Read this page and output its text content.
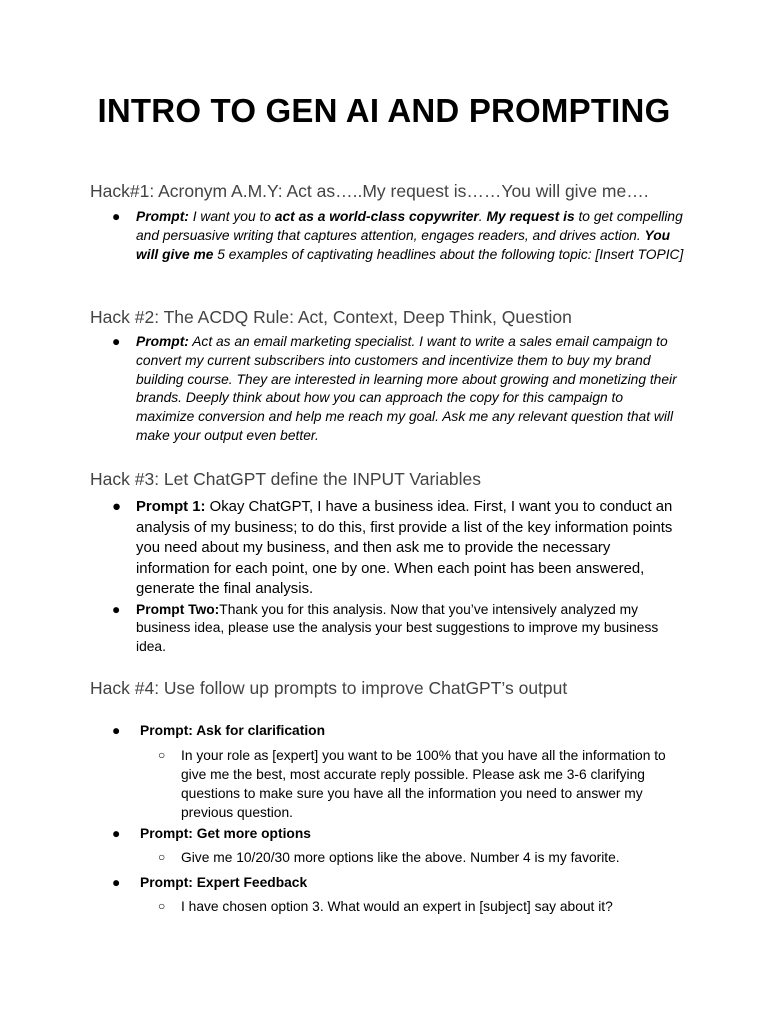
INTRO TO GEN AI AND PROMPTING
Hack#1: Acronym A.M.Y: Act as…..My request is……You will give me….
● Prompt: I want you to act as a world-class copywriter. My request is to get compelling and persuasive writing that captures attention, engages readers, and drives action. You will give me 5 examples of captivating headlines about the following topic: [Insert TOPIC]
Hack #2: The ACDQ Rule: Act, Context, Deep Think, Question
● Prompt: Act as an email marketing specialist. I want to write a sales email campaign to convert my current subscribers into customers and incentivize them to buy my brand building course. They are interested in learning more about growing and monetizing their brands. Deeply think about how you can approach the copy for this campaign to maximize conversion and help me reach my goal. Ask me any relevant question that will make your output even better.
Hack #3: Let ChatGPT define the INPUT Variables
● Prompt 1: Okay ChatGPT, I have a business idea. First, I want you to conduct an analysis of my business; to do this, first provide a list of the key information points you need about my business, and then ask me to provide the necessary information for each point, one by one. When each point has been answered, generate the final analysis.
● Prompt Two:Thank you for this analysis. Now that you’ve intensively analyzed my business idea, please use the analysis your best suggestions to improve my business idea.
Hack #4: Use follow up prompts to improve ChatGPT’s output
● Prompt: Ask for clarification
○ In your role as [expert] you want to be 100% that you have all the information to give me the best, most accurate reply possible. Please ask me 3-6 clarifying questions to make sure you have all the information you need to answer my previous question.
● Prompt: Get more options
○ Give me 10/20/30 more options like the above. Number 4 is my favorite.
● Prompt: Expert Feedback
○ I have chosen option 3. What would an expert in [subject] say about it?
